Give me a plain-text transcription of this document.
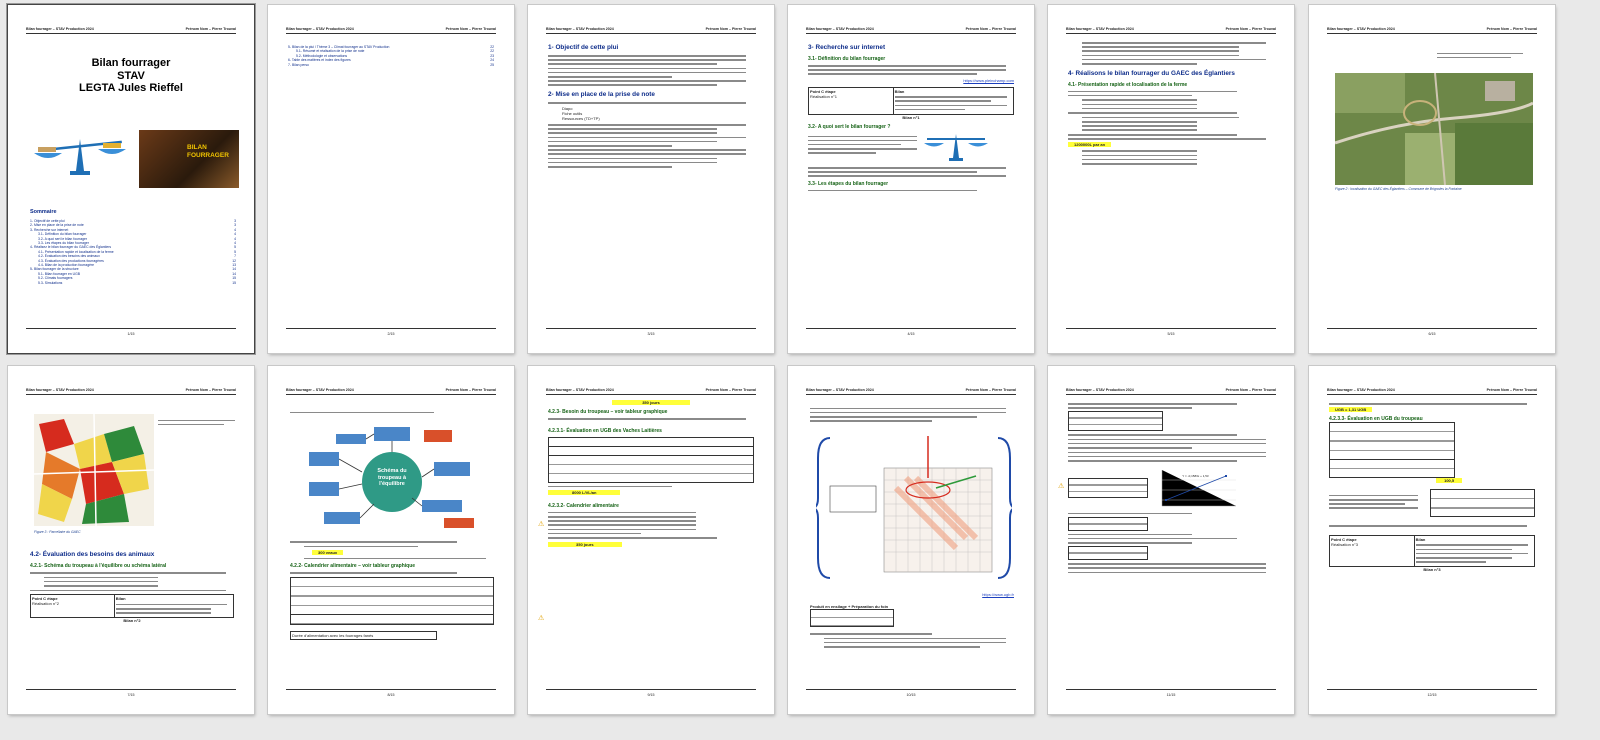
Bilan fourrager – STAV Production 2024	Prénom Nom – Pierre Trouval
Bilan fourrager
STAV
LEGTA Jules Rieffel
BILAN FOURRAGER
Sommaire
1- Objectif de cette plui	3
2- Mise en place de la prise de note	3
3- Recherche sur internet	4
3.1- Définition du bilan fourrager	4
3.2- A quoi sert le bilan fourrager	4
3.3- Les étapes du bilan fourrager	4
4- Réalisez le bilan fourrager du GAEC des Églantiers	5
4.1- Présentation rapide et localisation de la ferme	5
4.2- Évaluation des besoins des animaux	7
4.3- Évaluation des productions fourragères	12
4.4- Bilan de la production fourragère	13
5- Bilan fourrager de la structure	14
5.1- Bilan fourrager en UGB	14
5.2- Climats fourragers	15
5.3- Simulations	15
1/15
Bilan fourrager – STAV Production 2024	Prénom Nom – Pierre Trouval
5- Bilan de la plui / Thème 3 – Climat fourrager au STAV Production	22
5.1- Résumé et réalisation de la prise de note	22
5.2- Méthodologie et observations	23
6- Table des matières et index des figures	24
7- Bilan perso	25
2/15
Bilan fourrager – STAV Production 2024	Prénom Nom – Pierre Trouval
1- Objectif de cette plui
2- Mise en place de la prise de note
Diapo
Fiche outils
Ressources (TD+TP)
3/15
Bilan fourrager – STAV Production 2024	Prénom Nom – Pierre Trouval
3- Recherche sur internet
3.1- Définition du bilan fourrager
https://www.pleinchamp.com
Point C étape
Réalisation n°1
Bilan
Bilan n°1
3.2- A quoi sert le bilan fourrager ?
3.3- Les étapes du bilan fourrager
4/15
Bilan fourrager – STAV Production 2024	Prénom Nom – Pierre Trouval
4- Réalisons le bilan fourrager du GAEC des Églantiers
4.1- Présentation rapide et localisation de la ferme
1200000L par an
5/15
Bilan fourrager – STAV Production 2024	Prénom Nom – Pierre Trouval
Figure 2 : localisation du GAEC des Églantiers – Commune de Brignoles la Fontaine
6/15
Bilan fourrager – STAV Production 2024	Prénom Nom – Pierre Trouval
Figure 3 : Parcellaire du GAEC
4.2- Évaluation des besoins des animaux
4.2.1- Schéma du troupeau à l'équilibre ou schéma latéral
Point C étape
Réalisation n°2
Bilan
Bilan n°2
7/15
Bilan fourrager – STAV Production 2024	Prénom Nom – Pierre Trouval
Schéma du troupeau à l'équilibre
300 veaux
4.2.2- Calendrier alimentaire – voir tableur graphique
Durée d'alimentation avec les fourrages fanés
8/15
Bilan fourrager – STAV Production 2024	Prénom Nom – Pierre Trouval
350 jours
4.2.3- Besoin du troupeau – voir tableur graphique
4.2.3.1- Évaluation en UGB des Vaches Laitières
8000 L/VL/an
4.2.3.2- Calendrier alimentaire
350 jours
⚠
⚠
9/15
Bilan fourrager – STAV Production 2024	Prénom Nom – Pierre Trouval
https://www.ugb.fr
Produit en ensilage + Préparation du foin
10/15
Bilan fourrager – STAV Production 2024	Prénom Nom – Pierre Trouval
Y = -0,1583x + 1,53
⚠
11/15
Bilan fourrager – STAV Production 2024	Prénom Nom – Pierre Trouval
UGB = 1,31 UGB
4.2.3.3- Évaluation en UGB du troupeau
100,5
Point C étape
Réalisation n°3
Bilan
Bilan n°3
12/15
